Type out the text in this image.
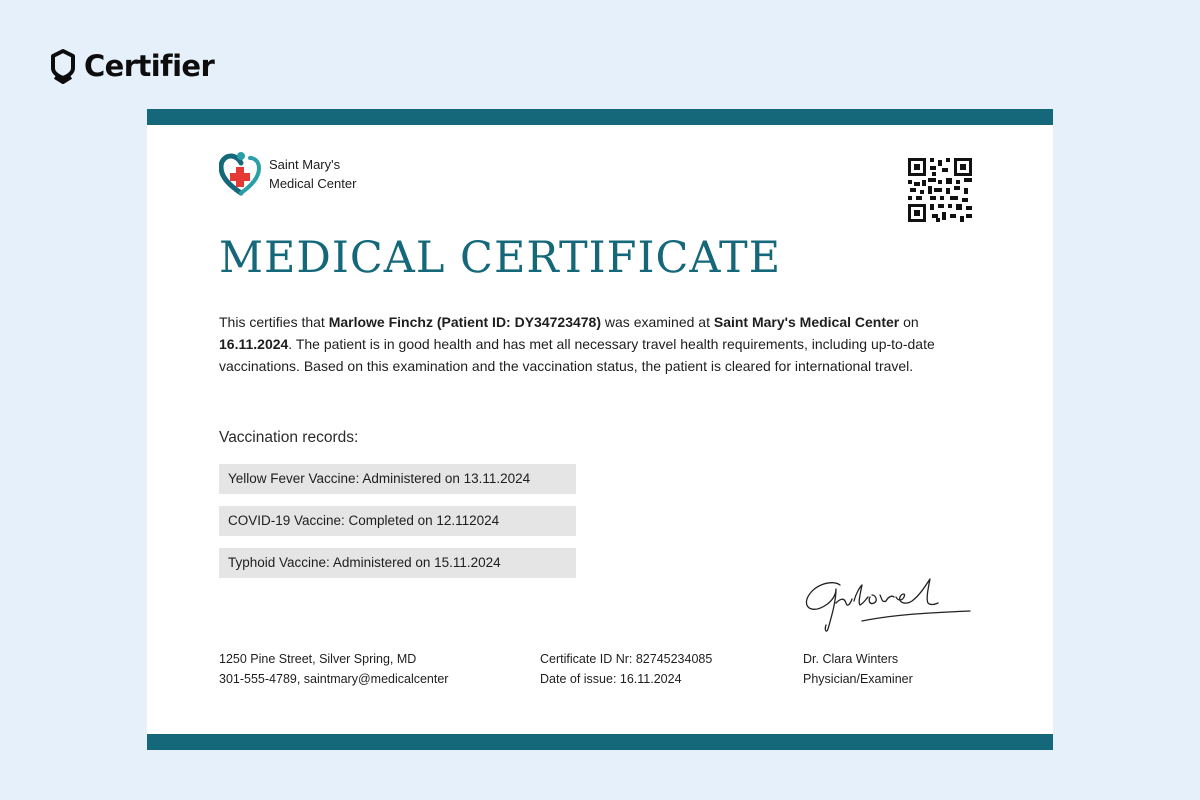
Certifier
Saint Mary's
Medical Center
MEDICAL CERTIFICATE

This certifies that Marlowe Finchz (Patient ID: DY34723478) was examined at Saint Mary's Medical Center on 16.11.2024. The patient is in good health and has met all necessary travel health requirements, including up-to-date vaccinations. Based on this examination and the vaccination status, the patient is cleared for international travel.

Vaccination records:
Yellow Fever Vaccine: Administered on 13.11.2024
COVID-19 Vaccine: Completed on 12.112024
Typhoid Vaccine: Administered on 15.11.2024
1250 Pine Street, Silver Spring, MD
301-555-4789, saintmary@medicalcenter
Certificate ID Nr: 82745234085
Date of issue: 16.11.2024
Dr. Clara Winters
Physician/Examiner
